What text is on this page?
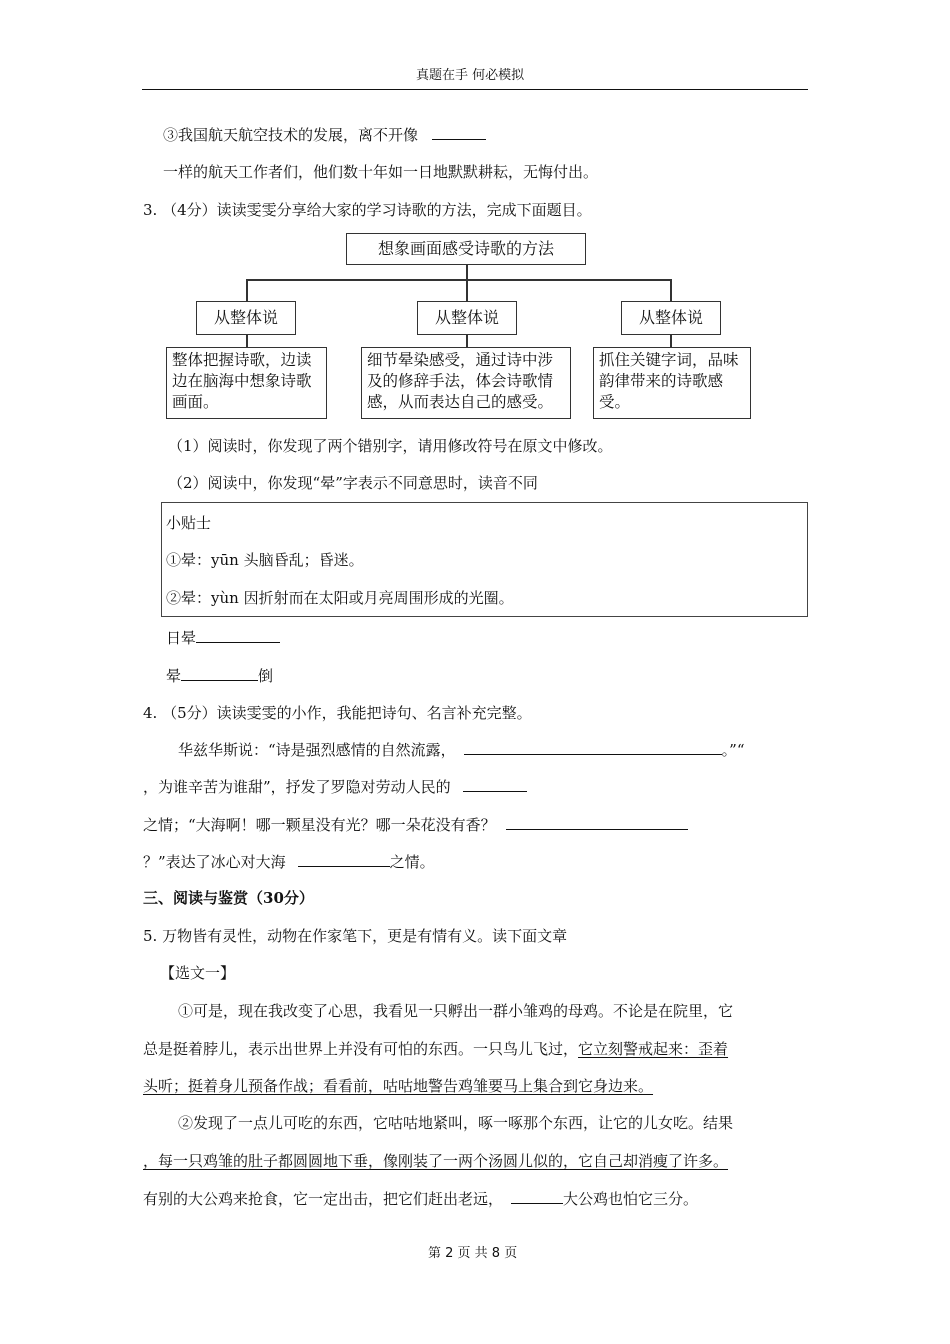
真题在手 何必模拟
③我国航天航空技术的发展，离不开像
一样的航天工作者们，他们数十年如一日地默默耕耘，无悔付出。
3. （4分）读读雯雯分享给大家的学习诗歌的方法，完成下面题目。
想象画面感受诗歌的方法
从整体说	从整体说	从整体说
整体把握诗歌，边读
边在脑海中想象诗歌
画面。
细节晕染感受，通过诗中涉
及的修辞手法，体会诗歌情
感，从而表达自己的感受。
抓住关键字词，品味
韵律带来的诗歌感
受。
（1）阅读时，你发现了两个错别字，请用修改符号在原文中修改。
（2）阅读中，你发现“晕”字表示不同意思时，读音不同
小贴士
①晕：yūn 头脑昏乱；昏迷。
②晕：yùn 因折射而在太阳或月亮周围形成的光圈。
日晕
晕	倒
4. （5分）读读雯雯的小作，我能把诗句、名言补充完整。
华兹华斯说：“诗是强烈感情的自然流露，	。”“
，为谁辛苦为谁甜”，抒发了罗隐对劳动人民的
之情；“大海啊！哪一颗星没有光？哪一朵花没有香？
？”表达了冰心对大海	之情。
三、阅读与鉴赏（30分）
5. 万物皆有灵性，动物在作家笔下，更是有情有义。读下面文章
【选文一】
①可是，现在我改变了心思，我看见一只孵出一群小雏鸡的母鸡。不论是在院里，它
总是挺着脖儿，表示出世界上并没有可怕的东西。一只鸟儿飞过，它立刻警戒起来：歪着
头听；挺着身儿预备作战；看看前，咕咕地警告鸡雏要马上集合到它身边来。
②发现了一点儿可吃的东西，它咕咕地紧叫，啄一啄那个东西，让它的儿女吃。结果
，每一只鸡雏的肚子都圆圆地下垂，像刚装了一两个汤圆儿似的，它自己却消瘦了许多。
有别的大公鸡来抢食，它一定出击，把它们赶出老远，	大公鸡也怕它三分。
第 2 页 共 8 页
